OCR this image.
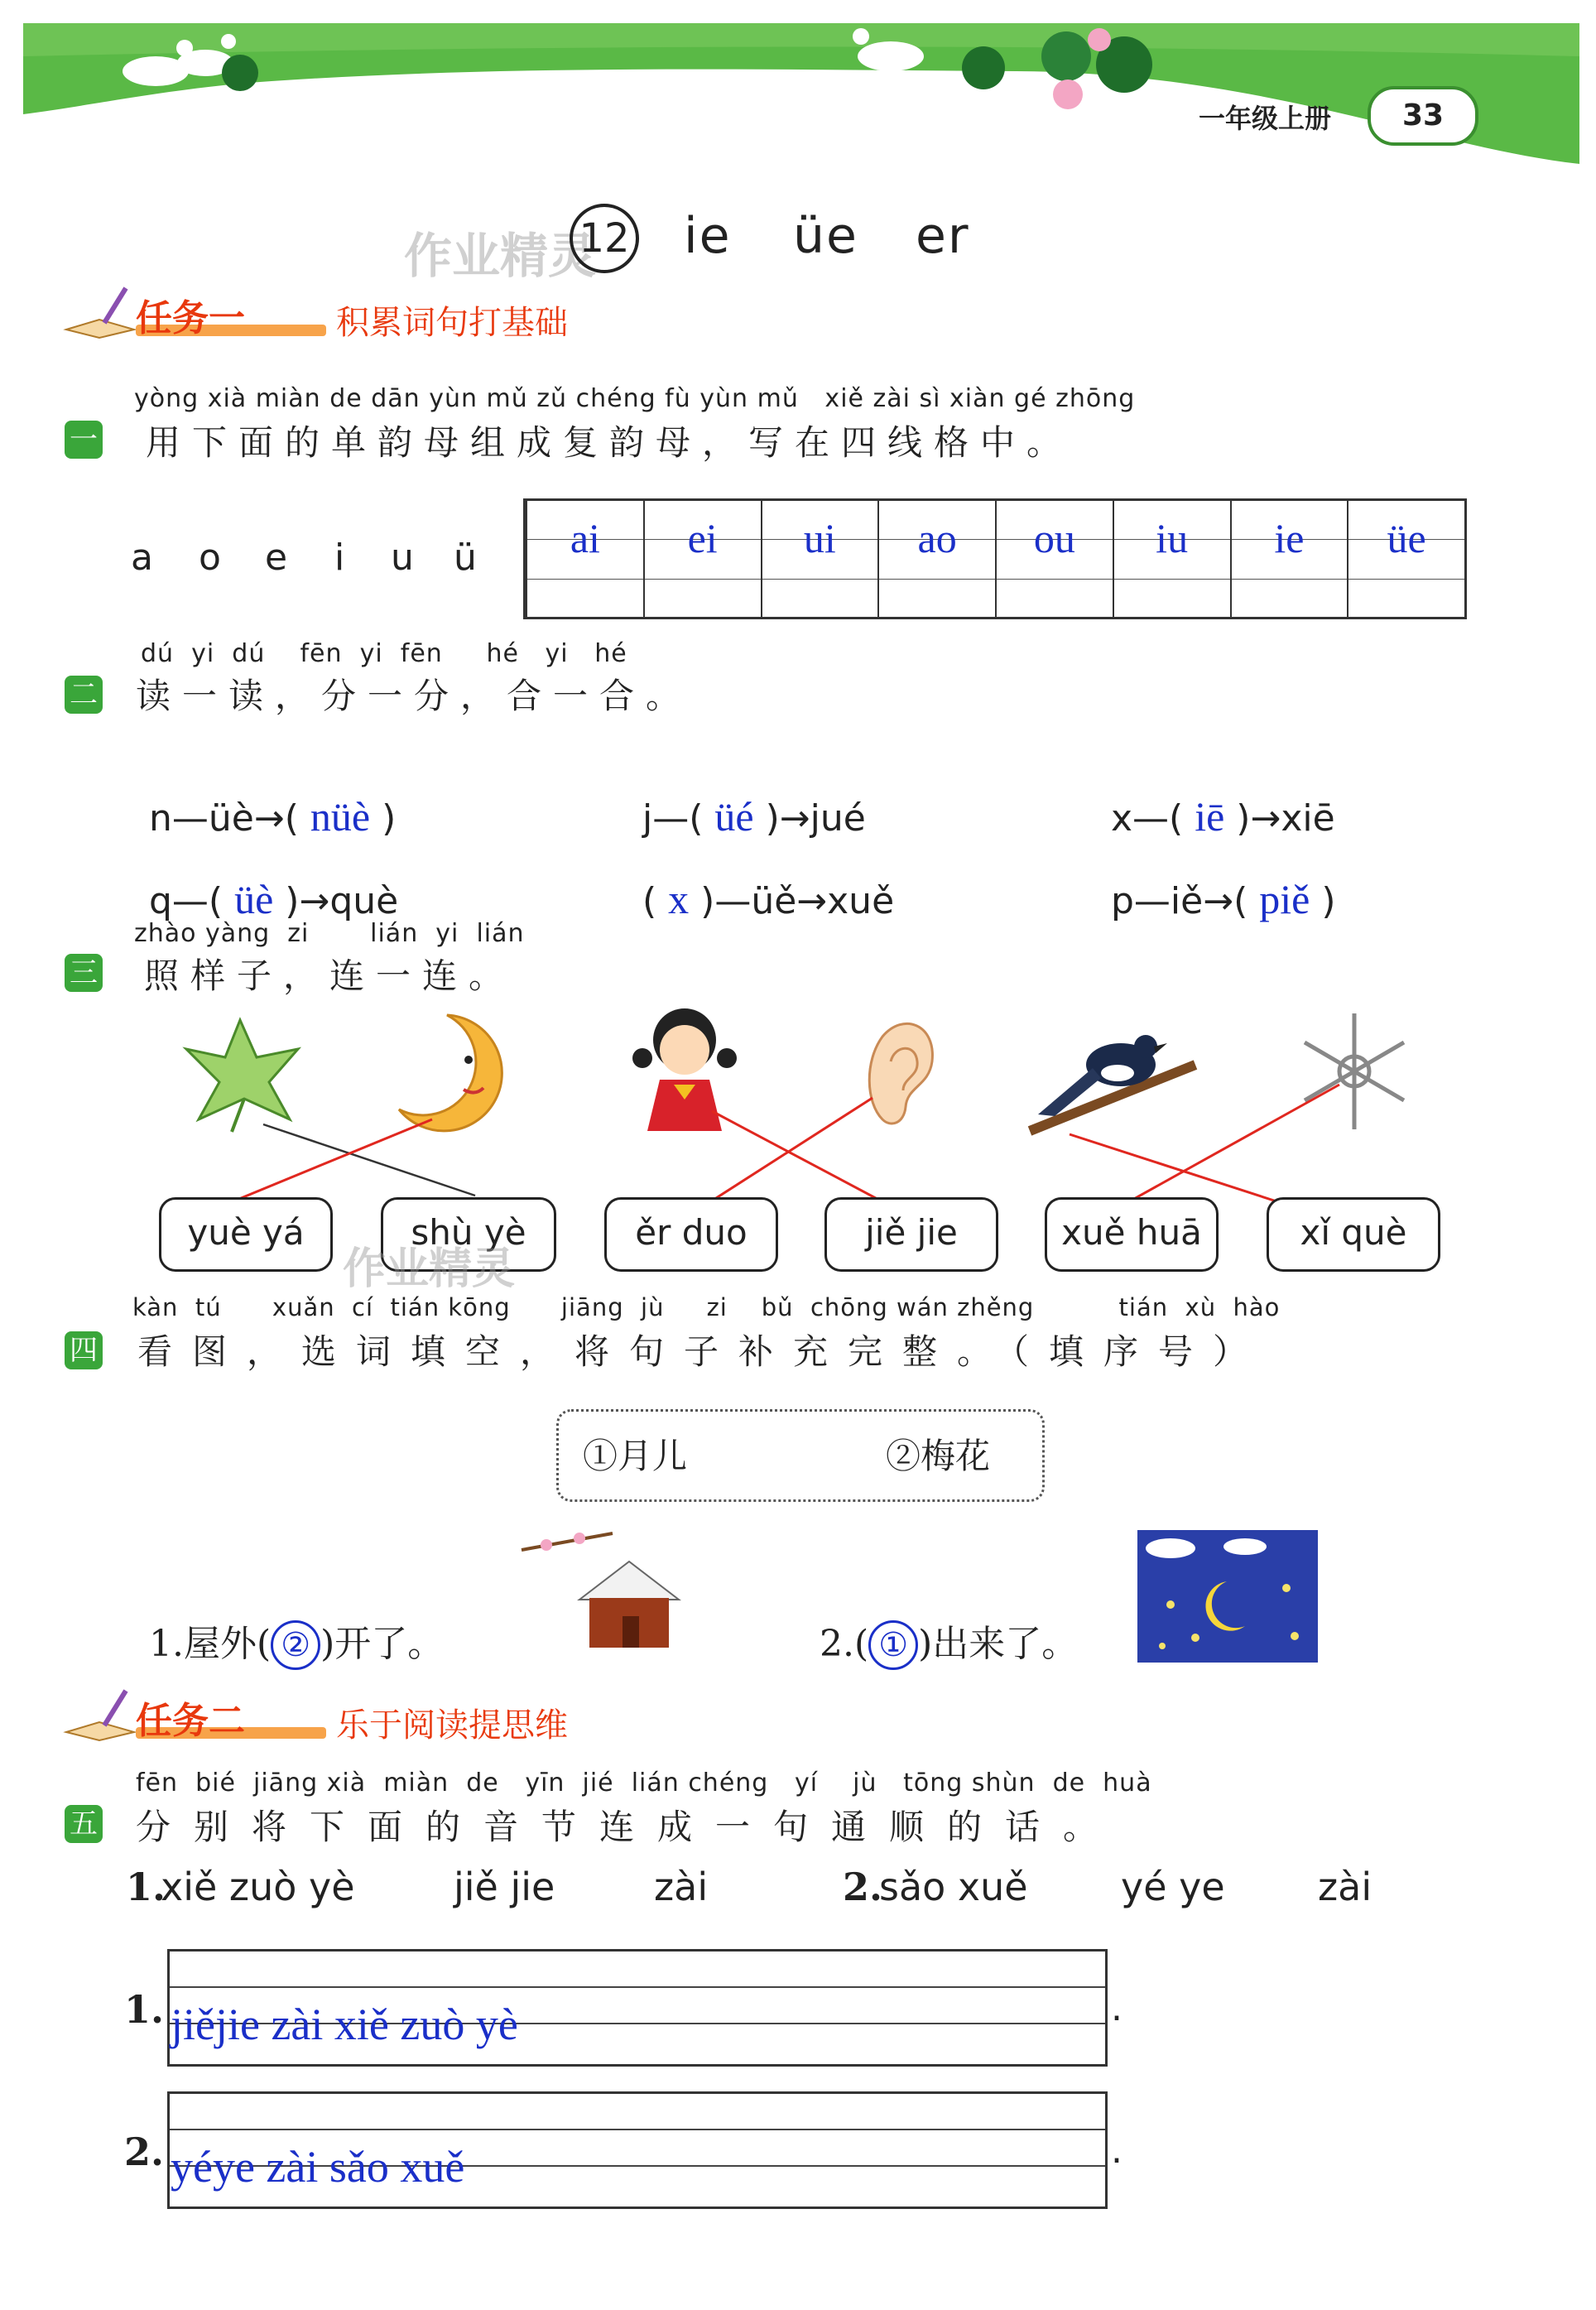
一年级上册	33
作业精灵
12 ie üe er
任务一	积累词句打基础
yòng xià miàn de dān yùn mǔ zǔ chéng fù yùn mǔ   xiě zài sì xiàn gé zhōng
一 用下面的单韵母组成复韵母，写在四线格中。
a o e i u ü	ai	ei	ui	ao	ou	iu	ie	üe
dú  yi  dú    fēn  yi  fēn     hé   yi   hé
二 读一读，分一分，合一合。

n—üè→( nüè )	j—( üé )→jué	x—( iē )→xiē

q—( üè )→què	( x )—üě→xuě	p—iě→( piě )

zhào yàng  zi       lián  yi  lián
三 照样子，连一连。
yuè yá	shù yè	ěr duo	jiě jie	xuě huā	xǐ què
作业精灵
kàn  tú      xuǎn  cí  tián kōng      jiāng  jù     zi    bǔ  chōng wán zhěng          tián  xù  hào
四 看图，选词填空，将句子补充完整。（填序号）
①月儿	②梅花

1.屋外( ② )开了。	2.( ① )出来了。

任务二	乐于阅读提思维
fēn  bié  jiāng xià  miàn  de   yīn  jié  lián chéng   yí    jù   tōng shùn  de  huà
五 分别将下面的音节连成一句通顺的话。
1.
xiě zuò yè	jiě jie	zài	2.
sǎo xuě yé ye zài
1. jiějie zài xiě zuò yè	.
2. yéye zài sǎo xuě	.
